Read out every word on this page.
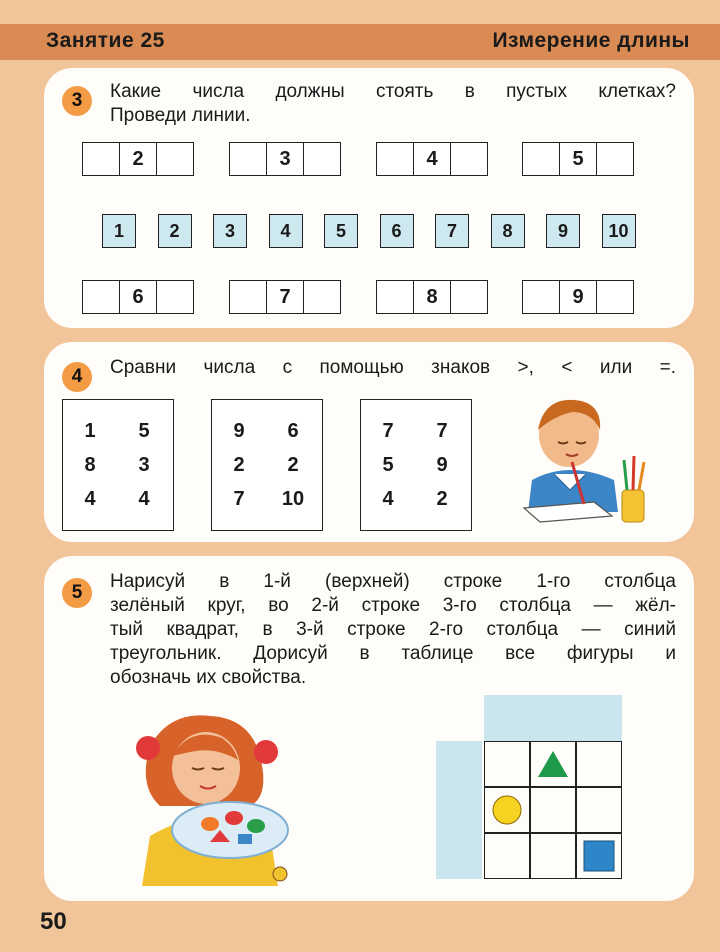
Занятие 25	Измерение длины
3	Какие числа должны стоять в пустых клетках?
Проведи линии.
2	3	4	5
1	2	3	4	5	6	7	8	9	10
6	7	8	9
4	Сравни числа с помощью знаков >, < или =.
1	5
8	3
4	4
9	6
2	2
7	10
7	7
5	9
4	2
5
Нарисуй в 1-й (верхней) строке 1-го столбца
зелёный круг, во 2-й строке 3-го столбца — жёл-
тый квадрат, в 3-й строке 2-го столбца — синий
треугольник. Дорисуй в таблице все фигуры и
обозначь их свойства.
50
